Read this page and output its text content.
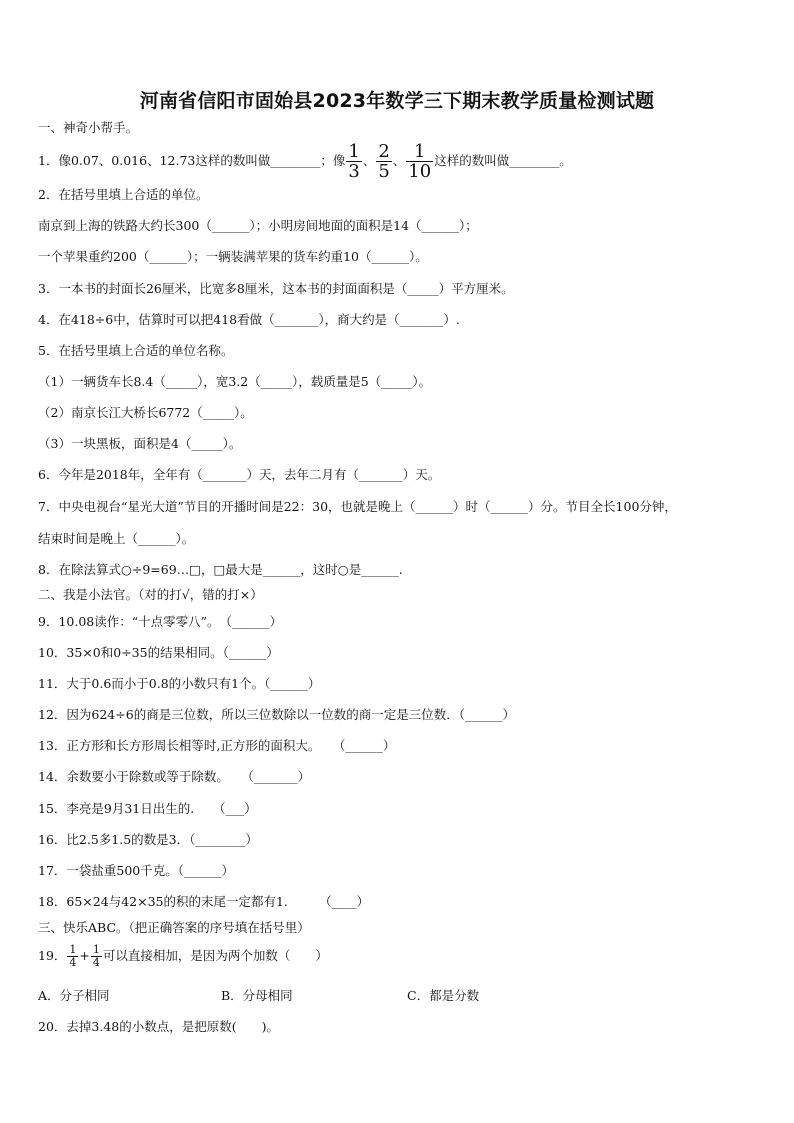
河南省信阳市固始县2023年数学三下期末教学质量检测试题
一、神奇小帮手。
1．像0.07、0.016、12.73这样的数叫做________；像 $\frac{1}{3}$ 、 $\frac{2}{5}$ 、 $\frac{1}{10}$ 这样的数叫做________。
2．在括号里填上合适的单位。
南京到上海的铁路大约长300（______）；小明房间地面的面积是14（______）；
一个苹果重约200（______）；一辆装满苹果的货车约重10（______）。
3．一本书的封面长26厘米，比宽多8厘米，这本书的封面面积是（_____）平方厘米。
4．在418÷6中，估算时可以把418看做（_______），商大约是（_______）.
5．在括号里填上合适的单位名称。
（1）一辆货车长8.4（_____），宽3.2（_____），载质量是5（_____）。
（2）南京长江大桥长6772（_____）。
（3）一块黑板，面积是4（_____）。
6．今年是2018年，全年有（_______）天，去年二月有（_______）天。
7．中央电视台“星光大道”节目的开播时间是22：30，也就是晚上（______）时（______）分。节目全长100分钟，
结束时间是晚上（______）。
8．在除法算式○÷9=69…□，□最大是______，这时○是______.
二、我是小法官。（对的打√，错的打×）
9．10.08读作：“十点零零八”。　（______）
10．35×0和0÷35的结果相同。（______）
11．大于0.6而小于0.8的小数只有1个。（______）
12．因为624÷6的商是三位数，所以三位数除以一位数的商一定是三位数．（______）
13．正方形和长方形周长相等时,正方形的面积大。　　（______）
14．余数要小于除数或等于除数。　　（_______）
15．李亮是9月31日出生的.　　（___）
16．比2.5多1.5的数是3．（________）
17．一袋盐重500千克。（______）
18．65×24与42×35的积的末尾一定都有1.　　　（____）
三、快乐ABC。（把正确答案的序号填在括号里）
19． $\frac{1}{4} + \frac{1}{4}$ 可以直接相加，是因为两个加数（　　）
A．分子相同	B．分母相同	C．都是分数
20．去掉3.48的小数点，是把原数(　　)。
